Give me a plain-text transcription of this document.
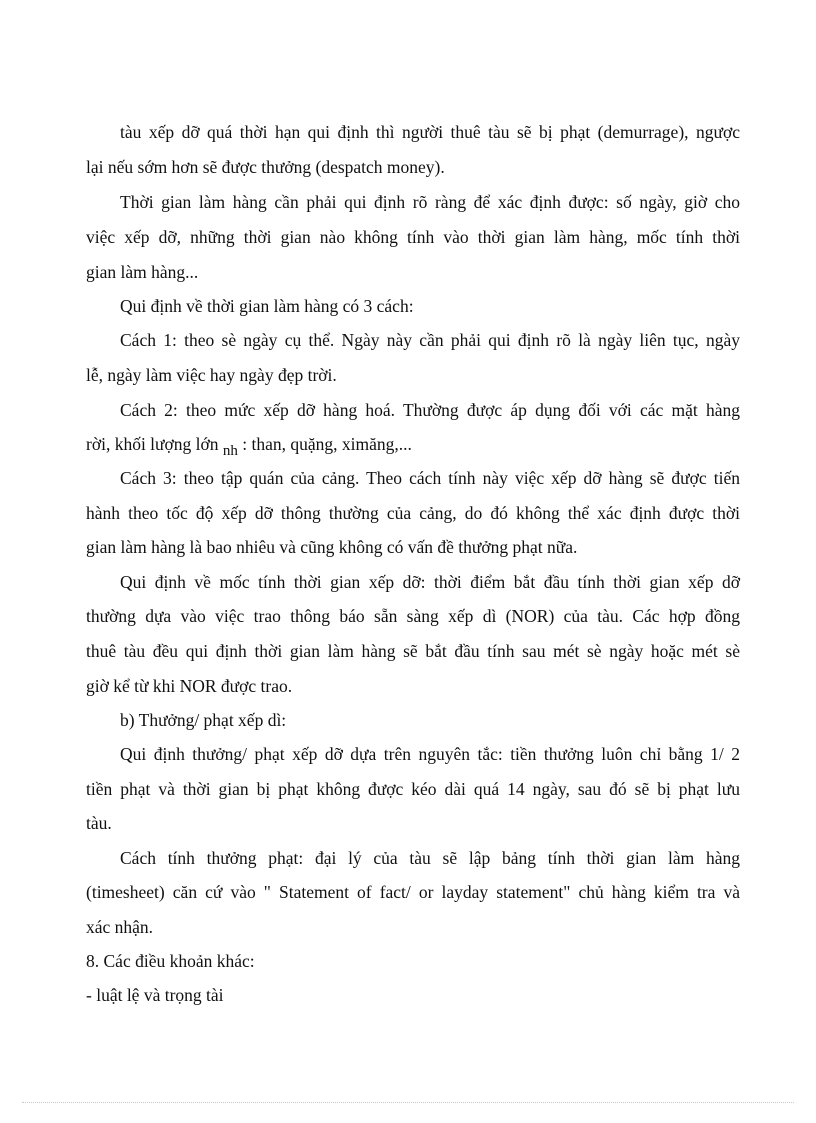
tàu xếp dỡ quá thời hạn qui định thì người thuê tàu sẽ bị phạt (demurrage), ngược
lại nếu sớm hơn sẽ được thưởng (despatch money).
Thời gian làm hàng cần phải qui định rõ ràng để xác định được: số ngày, giờ cho
việc xếp dỡ, những thời gian nào không tính vào thời gian làm hàng, mốc tính thời
gian làm hàng...
Qui định về thời gian làm hàng có 3 cách:
Cách 1: theo sè ngày cụ thể. Ngày này cần phải qui định rõ là ngày liên tục, ngày
lễ, ngày làm việc hay ngày đẹp trời.
Cách 2: theo mức xếp dỡ hàng hoá. Thường được áp dụng đối với các mặt hàng
rời, khối lượng lớn nh : than, quặng, ximăng,...
Cách 3: theo tập quán của cảng. Theo cách tính này việc xếp dỡ hàng sẽ được tiến
hành theo tốc độ xếp dỡ thông thường của cảng, do đó không thể xác định được thời
gian làm hàng là bao nhiêu và cũng không có vấn đề thưởng phạt nữa.
Qui định về mốc tính thời gian xếp dỡ: thời điểm bắt đầu tính thời gian xếp dỡ
thường dựa vào việc trao thông báo sẵn sàng xếp dì (NOR) của tàu. Các hợp đồng
thuê tàu đều qui định thời gian làm hàng sẽ bắt đầu tính sau mét sè ngày hoặc mét sè
giờ kể từ khi NOR được trao.
b) Thưởng/ phạt xếp dì:
Qui định thưởng/ phạt xếp dỡ dựa trên nguyên tắc: tiền thưởng luôn chỉ bằng 1/ 2
tiền phạt và thời gian bị phạt không được kéo dài quá 14 ngày, sau đó sẽ bị phạt lưu
tàu.
Cách tính thưởng phạt: đại lý của tàu sẽ lập bảng tính thời gian làm hàng
(timesheet) căn cứ vào " Statement of fact/ or layday statement" chủ hàng kiểm tra và
xác nhận.
8. Các điều khoản khác:
- luật lệ và trọng tài
